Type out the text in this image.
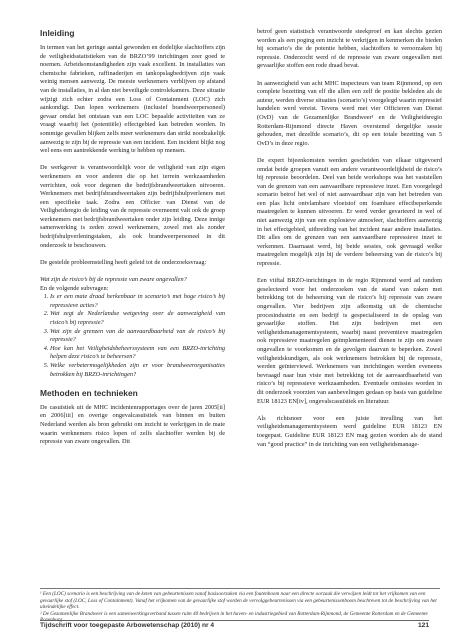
Inleiding

In termen van het geringe aantal gewonden en dodelijke slachtoffers zijn de veiligheidsstatistieken van de BRZO’99 inrichtingen zeer goed te noemen. Arbeidsomstandigheden zijn vaak excellent. In installaties van chemische fabrieken, raffinaderijen en tankopslagbedrijven zijn vaak weinig mensen aanwezig. De meeste werknemers verblijven op afstand van de installaties, in al dan niet beveiligde controlekamers. Deze situatie wijzigt zich echter zodra een Loss of Containment (LOC) zich aankondigt. Dan lopen werknemers (inclusief brandweerpersoneel) gevaar omdat het ontstaan van een LOC bepaalde activiteiten van ze vraagt waarbij het (potentiële) effectgebied kan betreden worden. In sommige gevallen blijken zelfs meer werknemers dan strikt noodzakelijk aanwezig te zijn bij de repressie van een incident. Een incident blijkt nog wel eens een aantrekkende werking te hebben op mensen.

De werkgever is verantwoordelijk voor de veiligheid van zijn eigen werknemers en voor anderen die op het terrein werkzaamheden verrichten, ook voor degenen die bedrijfsbrandweertaken uitvoeren. Werknemers met bedrijfsbrandweertaken zijn bedrijfshulpverleners met een specifieke taak. Zodra een Officier van Dienst van de Veiligheidsregio de leiding van de repressie overneemt valt ook de groep werknemers met bedrijfsbrandweertaken onder zijn leiding. Deze innige samenwerking is zeden zowel werknemers, zowel met als zonder bedrijfshulpverleningstaken, als ook brandweerpersoneel in dit onderzoek te beschouwen.

De gestelde probleemstelling heeft geleid tot de onderzoeksvraag:

Wat zijn de risico’s bij de repressie van zware ongevallen?

En de volgende subvragen:

1. Is er een mate draad herkenbaar in scenario’s met hoge risico’s bij repressieve acties?
2. Wat zegt de Nederlandse wetgeving over de aanwezigheid van risico’s bij repressie?
3. Wat zijn de grenzen van de aanvaardbaarheid van de risico’s bij repressie?
4. Hoe kan het Veiligheidsbeheerssysteem van een BRZO-inrichting helpen deze risico’s te beheersen?
5. Welke verbetermogelijkheden zijn er voor brandweerorganisaties betrokken bij BRZO-inrichtingen?
Methoden en technieken

De casuïstiek uit de MHC incidentenrapportages over de jaren 2005[ii] en 2006[iii] en overige ongevalcasuïstiek van binnen en buiten Nederland werden als bron gebruikt om inzicht te verkrijgen in de mate waarin werknemers risico lopen of zelfs slachtoffer werden bij de repressie van zware ongevallen. Dit

betrof geen statistisch verantwoorde steekproef en kan slechts gezien worden als een poging een inzicht te verkrijgen in kenmerken die bieden bij scenario’s die de potentie hebben, slachtoffers te veroorzaken bij repressie. Onderzocht werd of de repressie van zware ongevallen met gevaarlijke stoffen een rode draad bevat.

In aanwezigheid van acht MHC inspecteurs van team Rijnmond, op een complete bezetting van elf die allen een zelf de positie bekleden als de auteur, werden diverse situaties (scenario’s) voorgelegd waarin repressief handelen werd vereist. Tevens werd met vier Officieren van Dienst (OvD) van de Gezamenlijke Brandweer¹ en de Veiligheidsregio Rotterdam-Rijnmond directe Haven overstemd dergelijke sessie gehouden, met dezelfde scenario’s, dit op een totale bezetting van 5 OvD’s in deze regio.

De expert bijeenkomsten werden gescheiden van elkaar uitgevoerd omdat beide groepen vanuit een andere verantwoordelijkheid de risico’s bij repressie beoordelen. Deel van beide workshops was het vaststellen van de grenzen van een aanvaardbare repressieve inzet. Een voorgelegd scenario betrof het wel of niet aanvaardbaar zijn van het betreden van een plas licht ontvlambare vloeistof om foambare effectbeperkende maatregelen te kunnen uitvoeren. Er werd verder gevarieerd in wel of niet aanwezig zijn van een explosieve atmosfeer, slachtoffers aanwezig in het effectgebied, uitbreiding van het incident naar andere installaties. Dit alles om de grenzen van een aanvaardbare repressieve inzet te verkennen. Daarnaast werd, bij beide sessies, ook gevraagd welke maatregelen mogelijk zijn bij de verdere beheersing van de risico’s bij repressie.

Een viiftal BRZO-inrichtingen in de regio Rijnmond werd ad random geselecteerd voor het onderzoeken van de stand van zaken met betrekking tot de beheersing van de risico’s bij repressie van zware ongevallen. Vier bedrijven zijn afkomstig uit de chemische procesindustrie en een bedrijf is gespecialiseerd in de opslag van gevaarlijke stoffen. Het zijn bedrijven met een veiligheidsmanagementsysteem, waarbij naast preventieve maatregelen ook repressieve maatregelen geïmplementeerd dienen te zijn om zware ongevallen te voorkomen en de gevolgen daarvan te beperken. Zowel veiligheidskundigen, als ook werknemers betrokken bij de repressie, werden geïnterviewd. Werknemers van inrichtingen werden eveneens bevraagd naar hun visie met betrekking tot de aanvaardbaarheid van risico’s bij repressieve werkzaamheden. Eventuele omissies worden in dit onderzoek voorzien van aanbevelingen gedaan op basis van guideline EUR 18123 EN[iv], ongevalscasuïstiek en literatuur.

Als richtsnoer voor een juiste invulling van het veiligheidsmanagementsysteem werd guideline EUR 18123 EN toegepast. Guideline EUR 18123 EN mag gezien worden als de stand van “good practice” in de inrichting van een veiligheidsmanage-

¹ Een (LOC) scenario is een beschrijving van de keten van gebeurtenissen vanaf basisoorzaken via een foutenboom naar een directe oorzaak die verwijzen leidt tot het vrijkomen van een gevaarlijke stof (LOC, Loss of Containment). Vanaf het vrijkomen van de gevaarlijke stof worden de vervolggebeurtenissen via een gebeurtenissenboom beschreven tot de beschrijving van het uiteindelijke effect.
² De Gezamenlijke Brandweer is een samenwerkingsverband tussen ruim 40 bedrijven in het haven- en industriegebied van Rotterdam-Rijnmond, de Gemeente Rotterdam en de Gemeente Rozenburg.
Tijdschrift voor toegepaste Arbowetenschap (2010) nr 4	121
